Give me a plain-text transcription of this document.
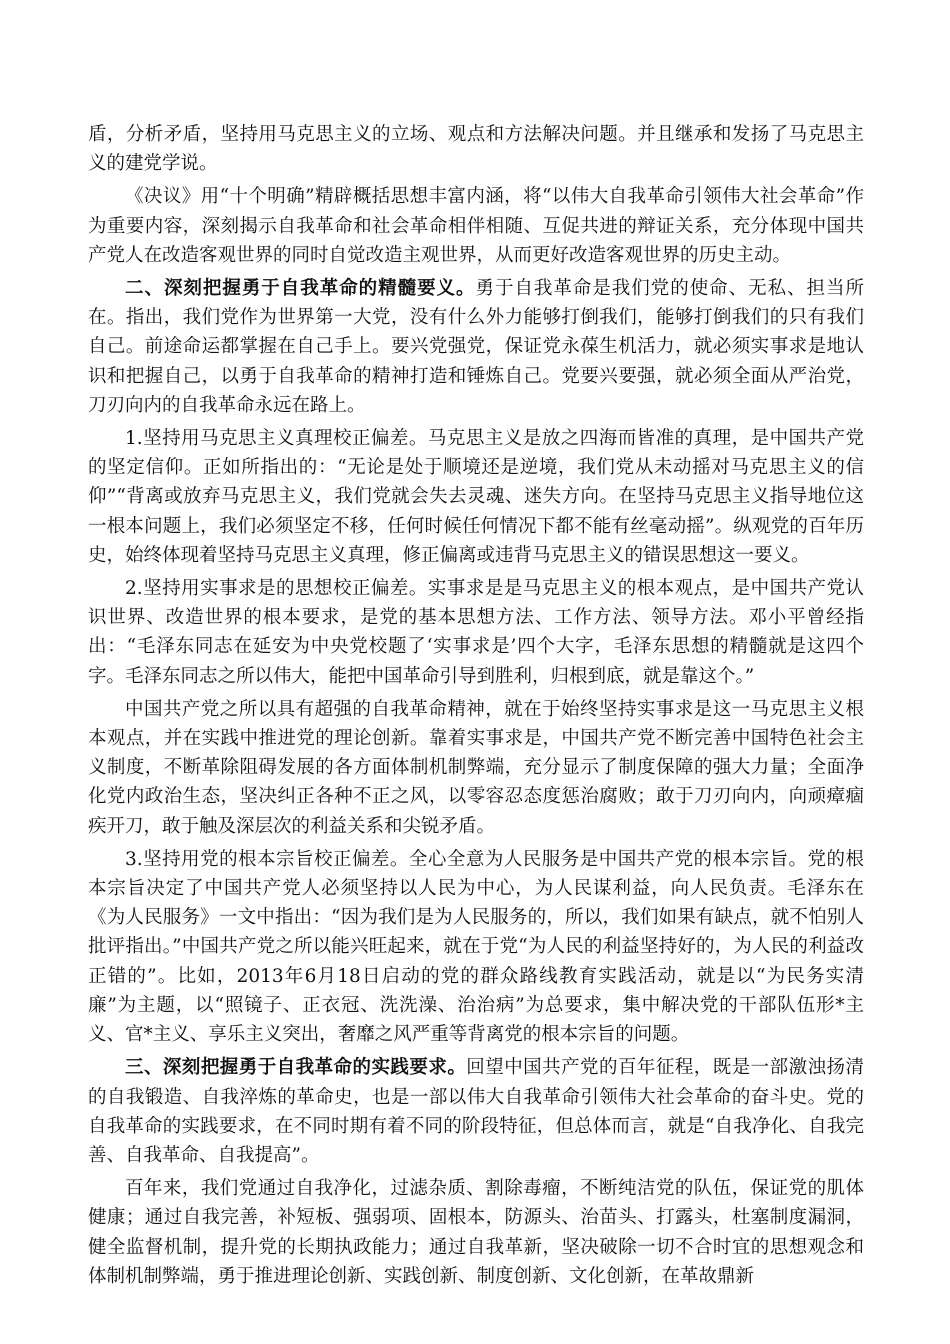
盾，分析矛盾，坚持用马克思主义的立场、观点和方法解决问题。并且继承和发扬了马克思主义的建党学说。

《决议》用“十个明确”精辟概括思想丰富内涵，将“以伟大自我革命引领伟大社会革命”作为重要内容，深刻揭示自我革命和社会革命相伴相随、互促共进的辩证关系，充分体现中国共产党人在改造客观世界的同时自觉改造主观世界，从而更好改造客观世界的历史主动。

二、深刻把握勇于自我革命的精髓要义。勇于自我革命是我们党的使命、无私、担当所在。指出，我们党作为世界第一大党，没有什么外力能够打倒我们，能够打倒我们的只有我们自己。前途命运都掌握在自己手上。要兴党强党，保证党永葆生机活力，就必须实事求是地认识和把握自己，以勇于自我革命的精神打造和锤炼自己。党要兴要强，就必须全面从严治党，刀刃向内的自我革命永远在路上。

1.坚持用马克思主义真理校正偏差。马克思主义是放之四海而皆准的真理，是中国共产党的坚定信仰。正如所指出的：“无论是处于顺境还是逆境，我们党从未动摇对马克思主义的信仰”“背离或放弃马克思主义，我们党就会失去灵魂、迷失方向。在坚持马克思主义指导地位这一根本问题上，我们必须坚定不移，任何时候任何情况下都不能有丝毫动摇”。纵观党的百年历史，始终体现着坚持马克思主义真理，修正偏离或违背马克思主义的错误思想这一要义。

2.坚持用实事求是的思想校正偏差。实事求是是马克思主义的根本观点，是中国共产党认识世界、改造世界的根本要求，是党的基本思想方法、工作方法、领导方法。邓小平曾经指出：“毛泽东同志在延安为中央党校题了‘实事求是’四个大字，毛泽东思想的精髓就是这四个字。毛泽东同志之所以伟大，能把中国革命引导到胜利，归根到底，就是靠这个。”

中国共产党之所以具有超强的自我革命精神，就在于始终坚持实事求是这一马克思主义根本观点，并在实践中推进党的理论创新。靠着实事求是，中国共产党不断完善中国特色社会主义制度，不断革除阻碍发展的各方面体制机制弊端，充分显示了制度保障的强大力量；全面净化党内政治生态，坚决纠正各种不正之风，以零容忍态度惩治腐败；敢于刀刃向内，向顽瘴痼疾开刀，敢于触及深层次的利益关系和尖锐矛盾。

3.坚持用党的根本宗旨校正偏差。全心全意为人民服务是中国共产党的根本宗旨。党的根本宗旨决定了中国共产党人必须坚持以人民为中心，为人民谋利益，向人民负责。毛泽东在《为人民服务》一文中指出：“因为我们是为人民服务的，所以，我们如果有缺点，就不怕别人批评指出。”中国共产党之所以能兴旺起来，就在于党“为人民的利益坚持好的，为人民的利益改正错的”。比如，2013年6月18日启动的党的群众路线教育实践活动，就是以“为民务实清廉”为主题，以“照镜子、正衣冠、洗洗澡、治治病”为总要求，集中解决党的干部队伍形*主义、官*主义、享乐主义突出，奢靡之风严重等背离党的根本宗旨的问题。

三、深刻把握勇于自我革命的实践要求。回望中国共产党的百年征程，既是一部激浊扬清的自我锻造、自我淬炼的革命史，也是一部以伟大自我革命引领伟大社会革命的奋斗史。党的自我革命的实践要求，在不同时期有着不同的阶段特征，但总体而言，就是“自我净化、自我完善、自我革命、自我提高”。

百年来，我们党通过自我净化，过滤杂质、割除毒瘤，不断纯洁党的队伍，保证党的肌体健康；通过自我完善，补短板、强弱项、固根本，防源头、治苗头、打露头，杜塞制度漏洞，健全监督机制，提升党的长期执政能力；通过自我革新，坚决破除一切不合时宜的思想观念和体制机制弊端，勇于推进理论创新、实践创新、制度创新、文化创新，在革故鼎新
